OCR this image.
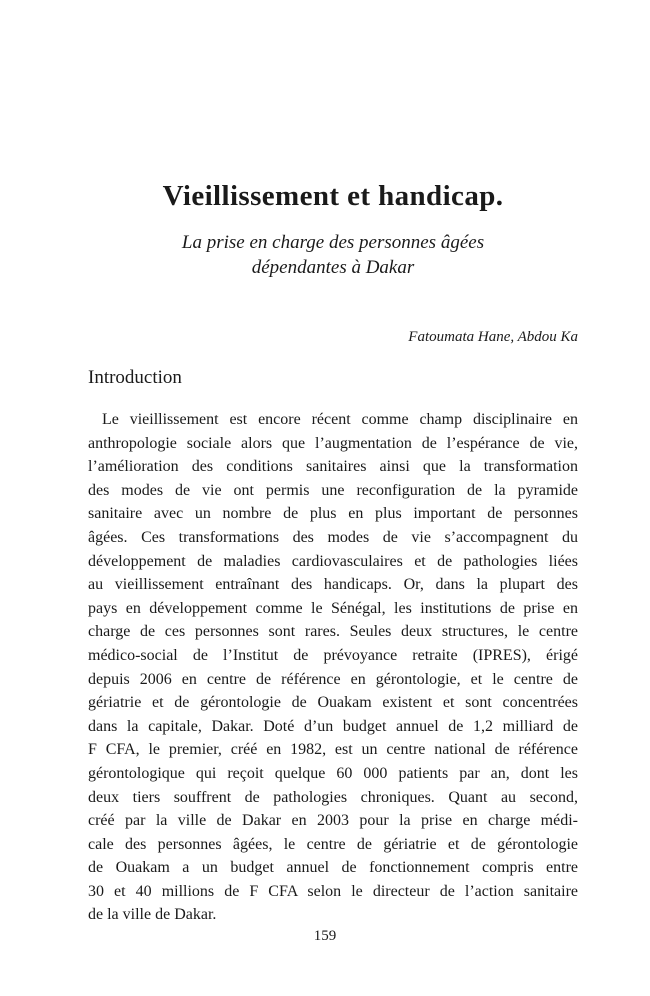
Vieillissement et handicap.
La prise en charge des personnes âgées
dépendantes à Dakar
Fatoumata Hane, Abdou Ka
Introduction
Le vieillissement est encore récent comme champ disciplinaire en
anthropologie sociale alors que l’augmentation de l’espérance de vie,
l’amélioration des conditions sanitaires ainsi que la transformation
des modes de vie ont permis une reconfiguration de la pyramide
sanitaire avec un nombre de plus en plus important de personnes
âgées. Ces transformations des modes de vie s’accompagnent du
développement de maladies cardiovasculaires et de pathologies liées
au vieillissement entraînant des handicaps. Or, dans la plupart des
pays en développement comme le Sénégal, les institutions de prise en
charge de ces personnes sont rares. Seules deux structures, le centre
médico-social de l’Institut de prévoyance retraite (IPRES), érigé
depuis 2006 en centre de référence en gérontologie, et le centre de
gériatrie et de gérontologie de Ouakam existent et sont concentrées
dans la capitale, Dakar. Doté d’un budget annuel de 1,2 milliard de
F CFA, le premier, créé en 1982, est un centre national de référence
gérontologique qui reçoit quelque 60 000 patients par an, dont les
deux tiers souffrent de pathologies chroniques. Quant au second,
créé par la ville de Dakar en 2003 pour la prise en charge médi-
cale des personnes âgées, le centre de gériatrie et de gérontologie
de Ouakam a un budget annuel de fonctionnement compris entre
30 et 40 millions de F CFA selon le directeur de l’action sanitaire
de la ville de Dakar.
159
